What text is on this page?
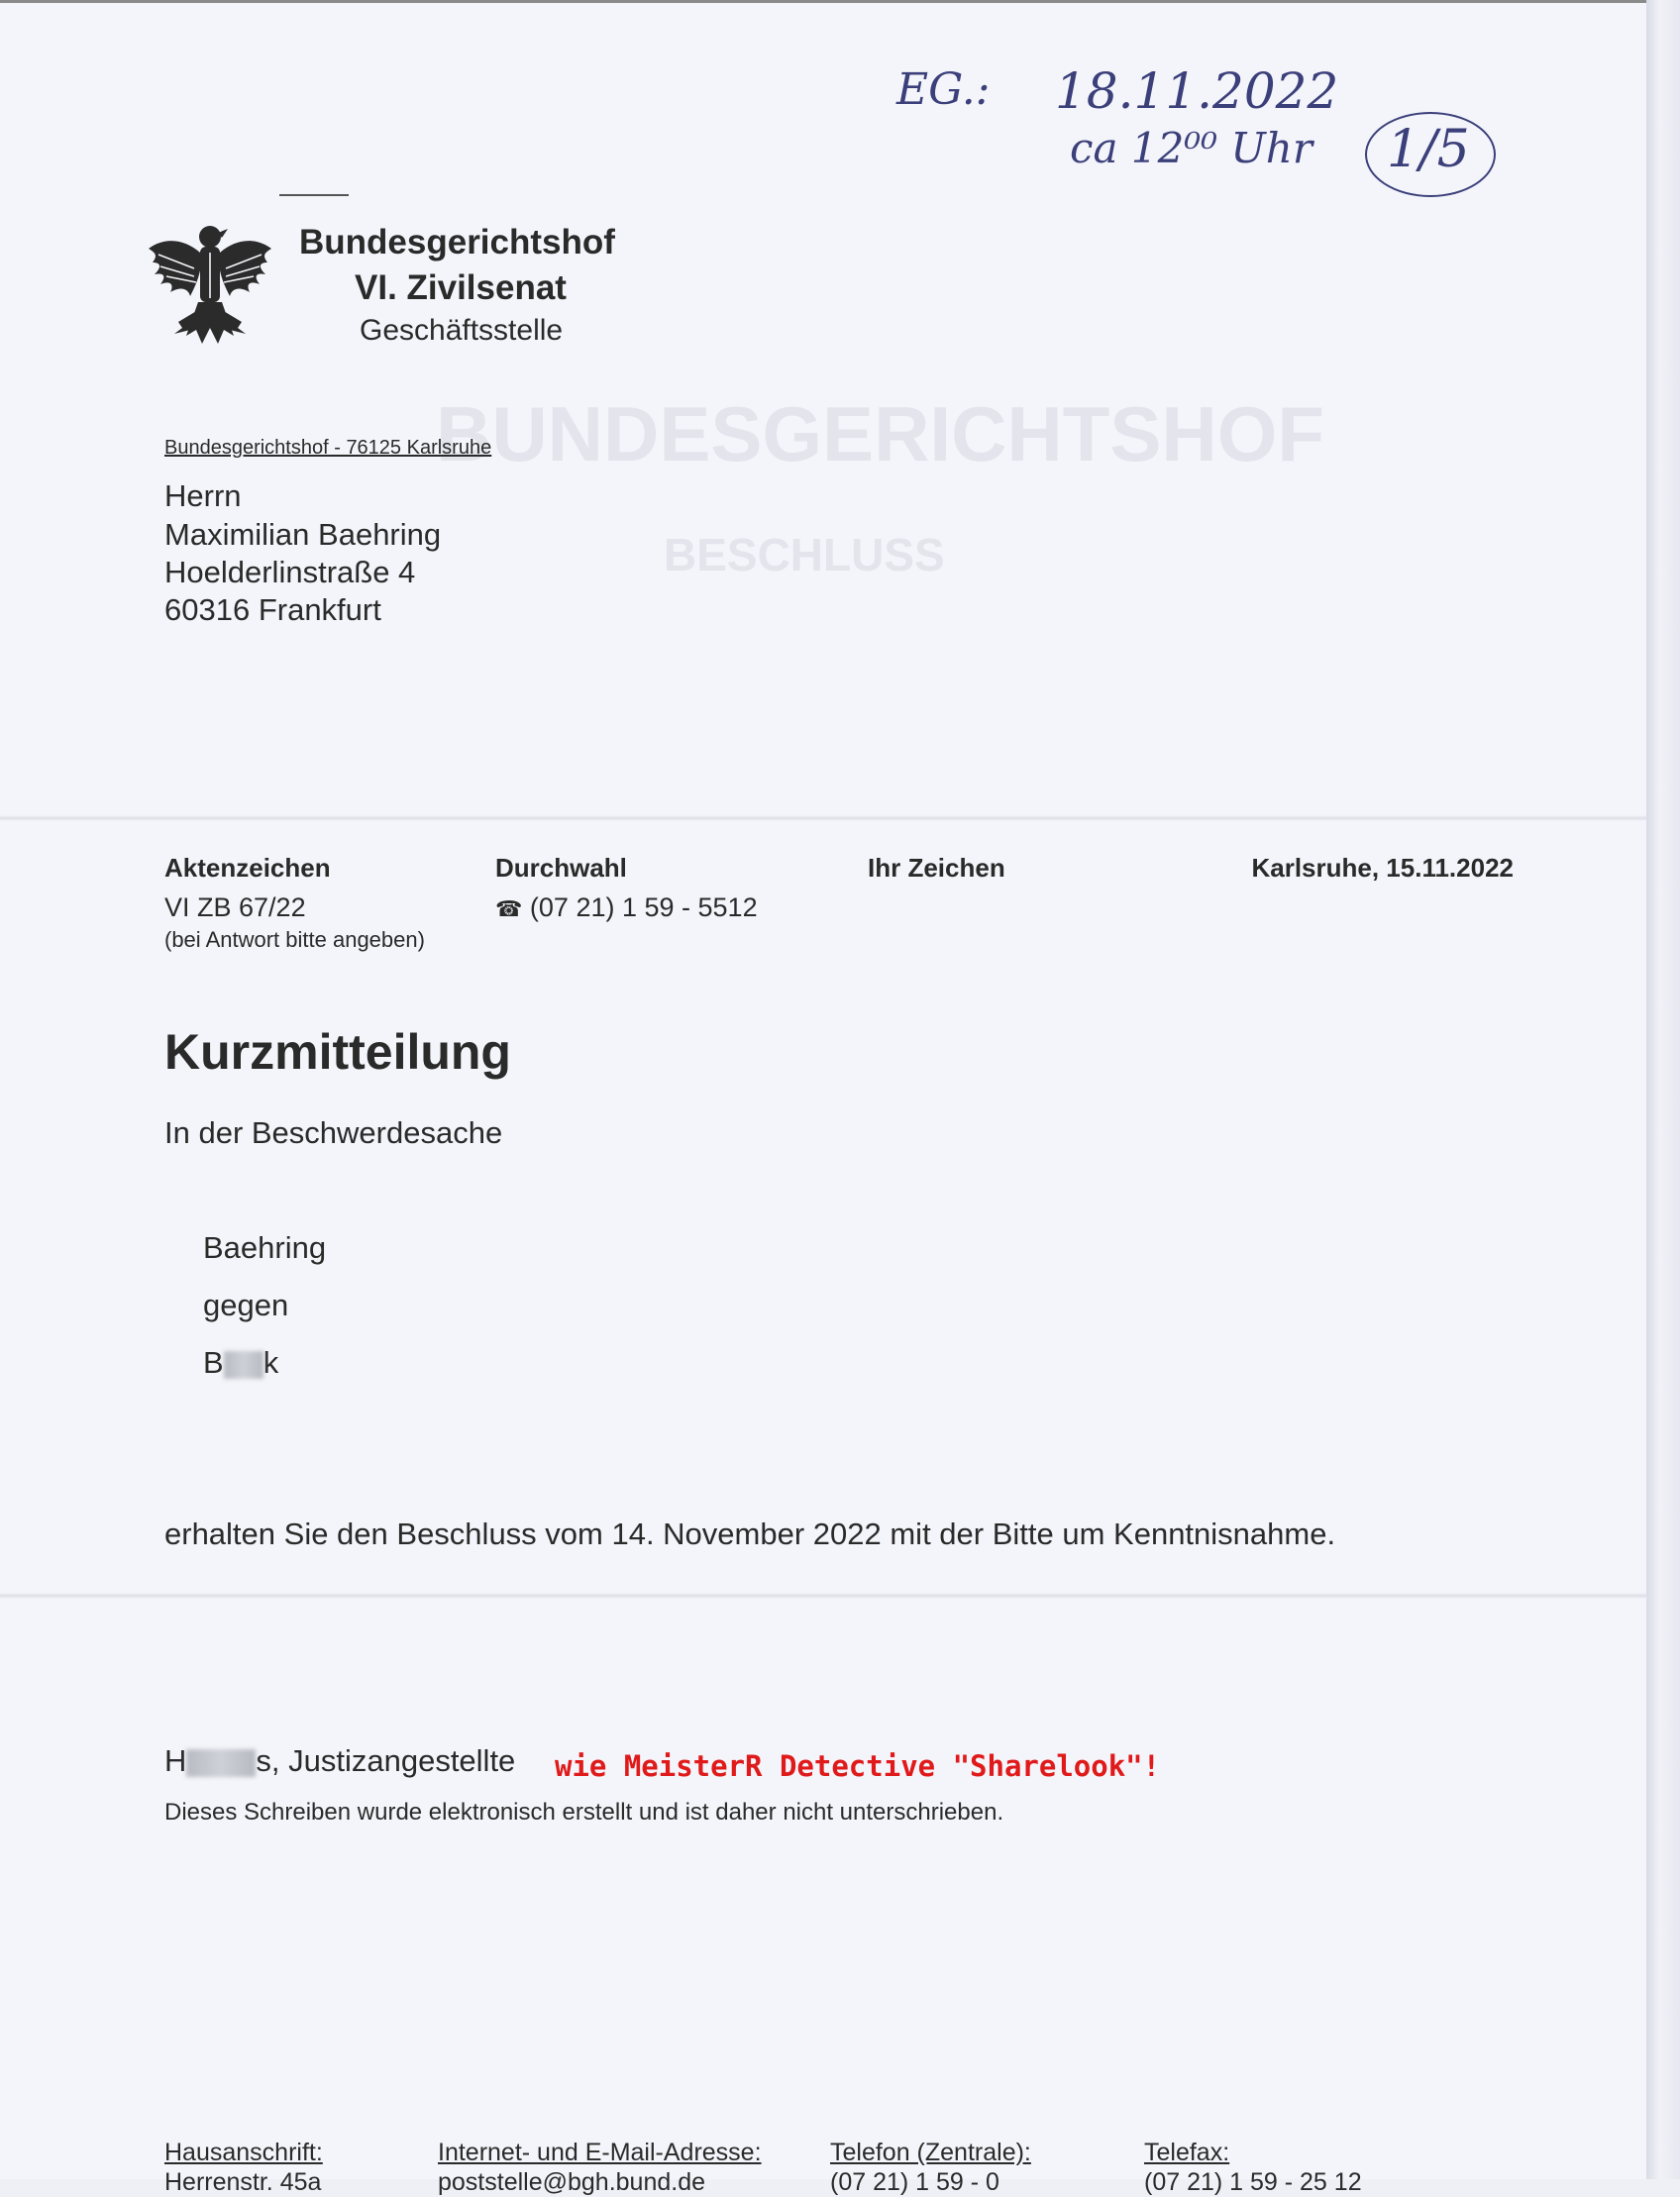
BUNDESGERICHTSHOF
BESCHLUSS
EG.: 18.11.2022
ca 12⁰⁰ Uhr 1/5
Bundesgerichtshof
VI. Zivilsenat
Geschäftsstelle
Bundesgerichtshof - 76125 Karlsruhe
Herrn
Maximilian Baehring
Hoelderlinstraße 4
60316 Frankfurt
Aktenzeichen
VI ZB 67/22
(bei Antwort bitte angeben)
Durchwahl
☎ (07 21) 1 59 - 5512
Ihr Zeichen	Karlsruhe, 15.11.2022
Kurzmitteilung
In der Beschwerdesache
Baehring
gegen
B k
erhalten Sie den Beschluss vom 14. November 2022 mit der Bitte um Kenntnisnahme.
H s, Justizangestellte wie MeisterR Detective "Sharelook"!
Dieses Schreiben wurde elektronisch erstellt und ist daher nicht unterschrieben.
Hausanschrift:
Herrenstr. 45a
Internet- und E-Mail-Adresse:
poststelle@bgh.bund.de
Telefon (Zentrale):
(07 21) 1 59 - 0
Telefax:
(07 21) 1 59 - 25 12
